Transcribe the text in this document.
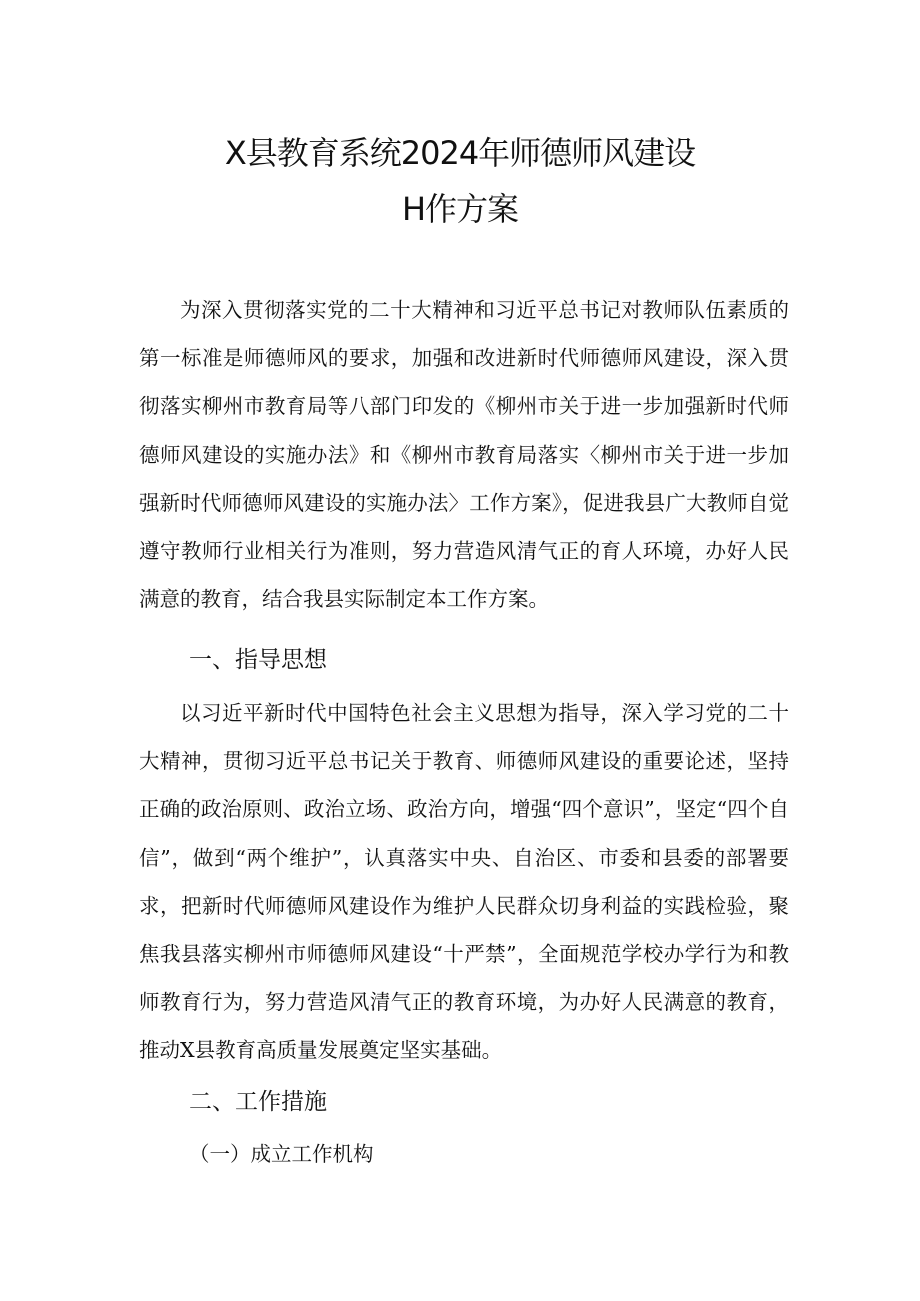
X县教育系统2024年师德师风建设
H作方案

为深入贯彻落实党的二十大精神和习近平总书记对教师队伍素质的第一标准是师德师风的要求，加强和改进新时代师德师风建设，深入贯彻落实柳州市教育局等八部门印发的《柳州市关于进一步加强新时代师德师风建设的实施办法》和《柳州市教育局落实〈柳州市关于进一步加强新时代师德师风建设的实施办法〉工作方案》，促进我县广大教师自觉遵守教师行业相关行为准则，努力营造风清气正的育人环境，办好人民满意的教育，结合我县实际制定本工作方案。

一、指导思想

以习近平新时代中国特色社会主义思想为指导，深入学习党的二十大精神，贯彻习近平总书记关于教育、师德师风建设的重要论述，坚持正确的政治原则、政治立场、政治方向，增强“四个意识”，坚定“四个自信”，做到“两个维护”，认真落实中央、自治区、市委和县委的部署要求，把新时代师德师风建设作为维护人民群众切身利益的实践检验，聚焦我县落实柳州市师德师风建设“十严禁”，全面规范学校办学行为和教师教育行为，努力营造风清气正的教育环境，为办好人民满意的教育，推动X县教育高质量发展奠定坚实基础。

二、工作措施

（一）成立工作机构
